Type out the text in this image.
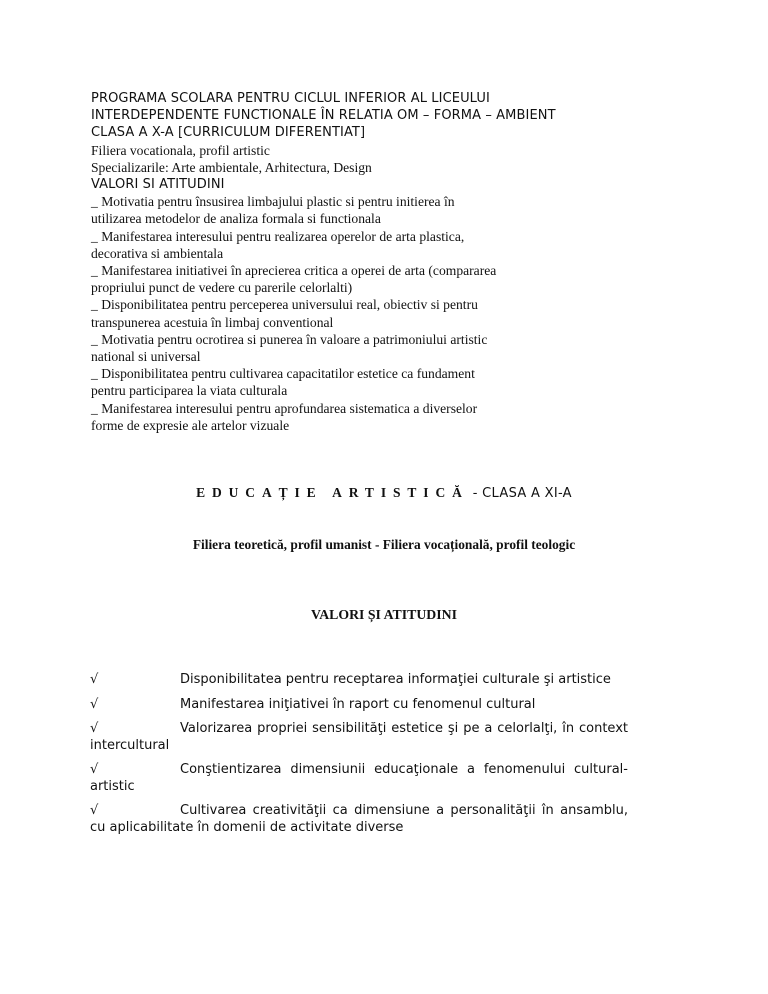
PROGRAMA SCOLARA PENTRU CICLUL INFERIOR AL LICEULUI
INTERDEPENDENTE FUNCTIONALE ÎN RELATIA OM – FORMA – AMBIENT
CLASA A X-A [CURRICULUM DIFERENTIAT]
Filiera vocationala, profil artistic
Specializarile: Arte ambientale, Arhitectura, Design
VALORI SI ATITUDINI
_ Motivatia pentru însusirea limbajului plastic si pentru initierea în
utilizarea metodelor de analiza formala si functionala
_ Manifestarea interesului pentru realizarea operelor de arta plastica,
decorativa si ambientala
_ Manifestarea initiativei în aprecierea critica a operei de arta (compararea
propriului punct de vedere cu parerile celorlalti)
_ Disponibilitatea pentru perceperea universului real, obiectiv si pentru
transpunerea acestuia în limbaj conventional
_ Motivatia pentru ocrotirea si punerea în valoare a patrimoniului artistic
national si universal
_ Disponibilitatea pentru cultivarea capacitatilor estetice ca fundament
pentru participarea la viata culturala
_ Manifestarea interesului pentru aprofundarea sistematica a diverselor
forme de expresie ale artelor vizuale
EDUCAȚIE ARTISTICĂ - CLASA A XI-A
Filiera teoretică, profil umanist - Filiera vocațională, profil teologic
VALORI ȘI ATITUDINI
√	Disponibilitatea pentru receptarea informaţiei culturale şi artistice
√	Manifestarea iniţiativei în raport cu fenomenul cultural
√	Valorizarea propriei sensibilităţi estetice şi pe a celorlalţi, în context intercultural
√	Conştientizarea dimensiunii educaţionale a fenomenului cultural-artistic
√	Cultivarea creativităţii ca dimensiune a personalităţii în ansamblu, cu aplicabilitate în domenii de activitate diverse
